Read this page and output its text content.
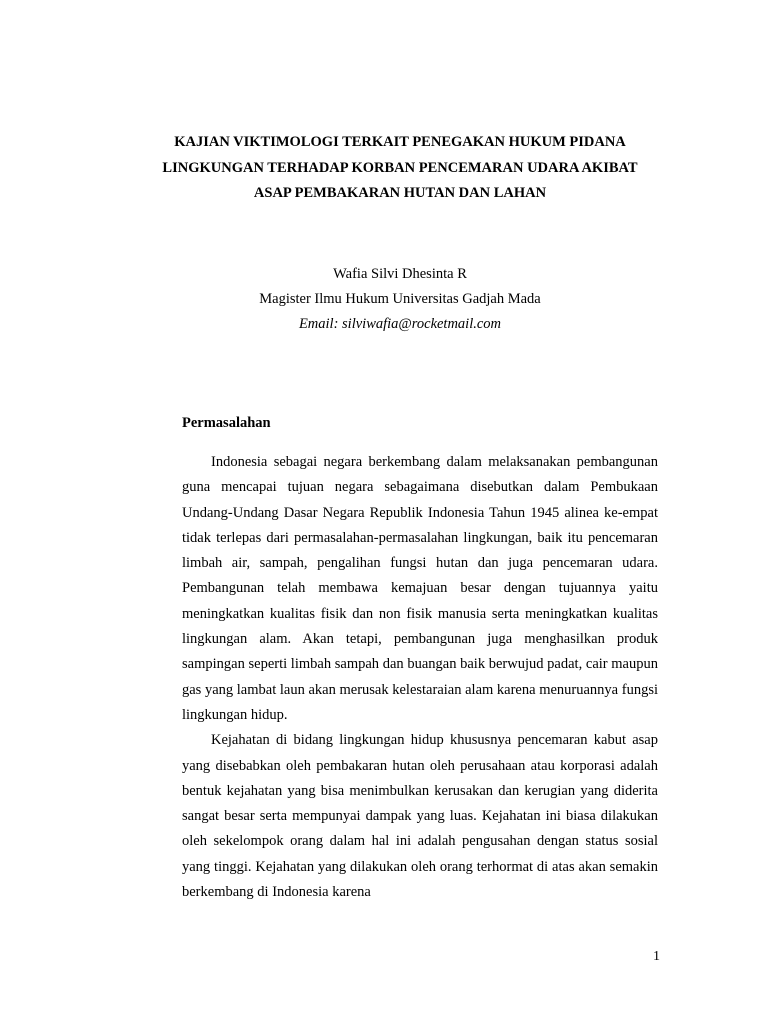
KAJIAN VIKTIMOLOGI TERKAIT PENEGAKAN HUKUM PIDANA
LINGKUNGAN TERHADAP KORBAN PENCEMARAN UDARA AKIBAT
ASAP PEMBAKARAN HUTAN DAN LAHAN
Wafia Silvi Dhesinta R
Magister Ilmu Hukum Universitas Gadjah Mada
Email: silviwafia@rocketmail.com
Permasalahan

Indonesia sebagai negara berkembang dalam melaksanakan pembangunan guna mencapai tujuan negara sebagaimana disebutkan dalam Pembukaan Undang-Undang Dasar Negara Republik Indonesia Tahun 1945 alinea ke-empat tidak terlepas dari permasalahan-permasalahan lingkungan, baik itu pencemaran limbah air, sampah, pengalihan fungsi hutan dan juga pencemaran udara. Pembangunan telah membawa kemajuan besar dengan tujuannya yaitu meningkatkan kualitas fisik dan non fisik manusia serta meningkatkan kualitas lingkungan alam. Akan tetapi, pembangunan juga menghasilkan produk sampingan seperti limbah sampah dan buangan baik berwujud padat, cair maupun gas yang lambat laun akan merusak kelestaraian alam karena menuruannya fungsi lingkungan hidup.

Kejahatan di bidang lingkungan hidup khususnya pencemaran kabut asap yang disebabkan oleh pembakaran hutan oleh perusahaan atau korporasi adalah bentuk kejahatan yang bisa menimbulkan kerusakan dan kerugian yang diderita sangat besar serta mempunyai dampak yang luas. Kejahatan ini biasa dilakukan oleh sekelompok orang dalam hal ini adalah pengusahan dengan status sosial yang tinggi. Kejahatan yang dilakukan oleh orang terhormat di atas akan semakin berkembang di Indonesia karena

1
